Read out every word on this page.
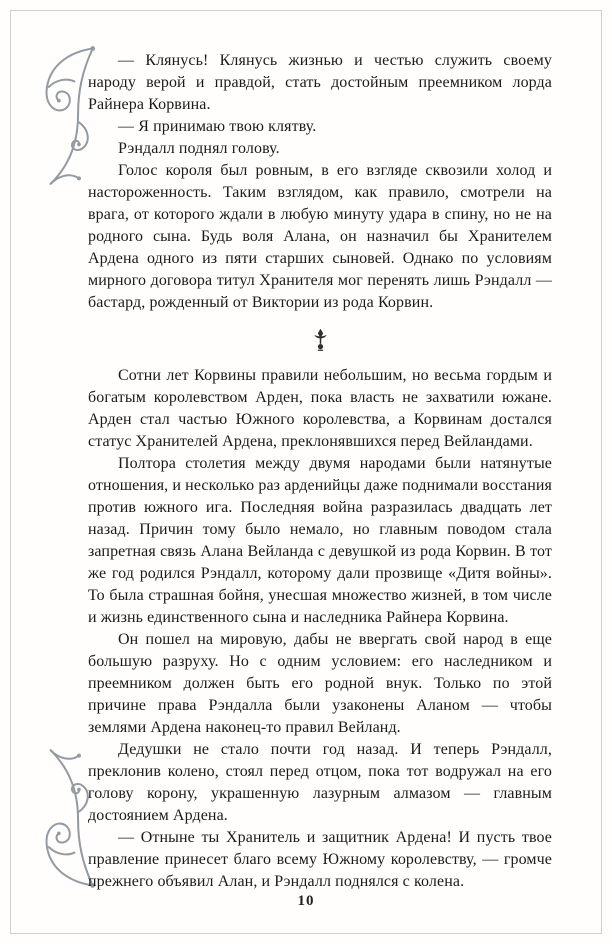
— Клянусь! Клянусь жизнью и честью служить своему народу верой и правдой, стать достойным преемником лорда Райнера Корвина.

— Я принимаю твою клятву.

Рэндалл поднял голову.

Голос короля был ровным, в его взгляде сквозили холод и настороженность. Таким взглядом, как правило, смотрели на врага, от которого ждали в любую минуту удара в спину, но не на родного сына. Будь воля Алана, он назначил бы Хранителем Ардена одного из пяти старших сыновей. Однако по условиям мирного договора титул Хранителя мог перенять лишь Рэндалл — бастард, рожденный от Виктории из рода Корвин.

Сотни лет Корвины правили небольшим, но весьма гордым и богатым королевством Арден, пока власть не захватили южане. Арден стал частью Южного королевства, а Корвинам достался статус Хранителей Ардена, преклонявшихся перед Вейландами.

Полтора столетия между двумя народами были натянутые отношения, и несколько раз арденийцы даже поднимали восстания против южного ига. Последняя война разразилась двадцать лет назад. Причин тому было немало, но главным поводом стала запретная связь Алана Вейланда с девушкой из рода Корвин. В тот же год родился Рэндалл, которому дали прозвище «Дитя войны». То была страшная бойня, унесшая множество жизней, в том числе и жизнь единственного сына и наследника Райнера Корвина.

Он пошел на мировую, дабы не ввергать свой народ в еще большую разруху. Но с одним условием: его наследником и преемником должен быть его родной внук. Только по этой причине права Рэндалла были узаконены Аланом — чтобы землями Ардена наконец-то правил Вейланд.

Дедушки не стало почти год назад. И теперь Рэндалл, преклонив колено, стоял перед отцом, пока тот водружал на его голову корону, украшенную лазурным алмазом — главным достоянием Ардена.

— Отныне ты Хранитель и защитник Ардена! И пусть твое правление принесет благо всему Южному королевству, — громче прежнего объявил Алан, и Рэндалл поднялся с колена.

10
